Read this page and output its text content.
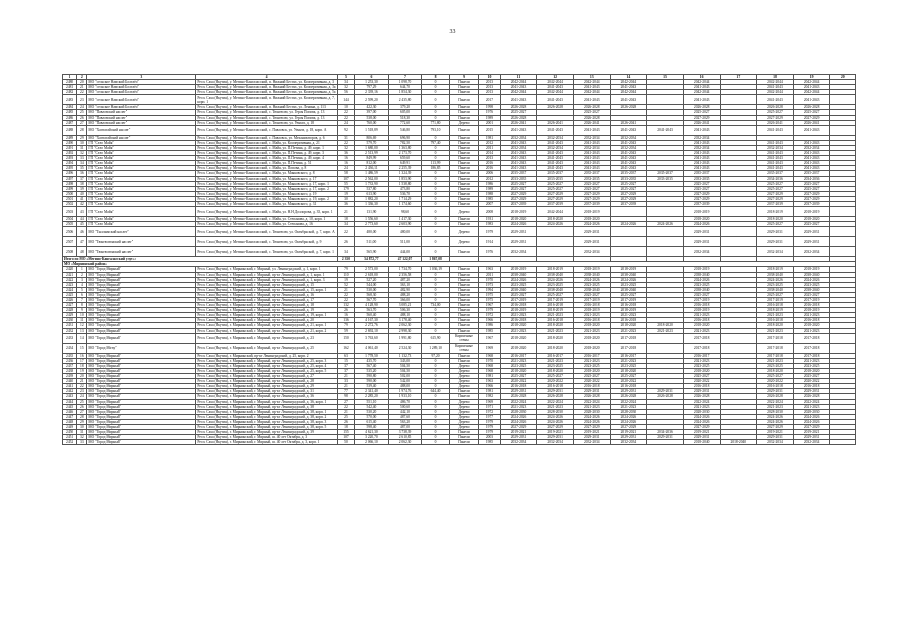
33
1	2	3	4	5	6	7	8	9	10	11	12	13	14	15	16	17	18	19	20
2480	20	МО "сельское Намский Болтаёо"	Респ. Саха (Якутия), у. Мегино-Кангаласский, п. Нижний Бестях, ул. Кооперативная, д. 3	34	1 253,30	1 098,70	0	Панели	2013	2042-2044	2042-2044	2042-2044	2042-2044		2042-2044		2042-2044	2042-2044	
2481	21	МО "сельское Намский Болтаёо"	Респ. Саха (Якутия), у. Мегино-Кангаласский, п. Нижний Бестях, ул. Кооперативная, д. 3а	32	797,29	644,70	0	Панели	2013	2041-2043	2041-2043	2041-2043	2041-2043		2041-2043		2041-2043	2041-2043	
2482	22	МО "сельское Намский Болтаёо"	Респ. Саха (Якутия), у. Мегино-Кангаласский, п. Нижний Бестях, ул. Кооперативная, д. 5а	56	2 339,16	1 854,30	0	Панели	2013	2042-2044	2042-2044	2042-2044	2042-2044		2042-2044		2042-2044	2042-2044	
2483	23	МО "сельское Намский Болтаёо"	Респ. Саха (Якутия), у. Мегино-Кангаласский, п. Нижний Бестях, ул. Кооперативная, д. 7, корп. 1	144	2 599,20	2 435,80	0	Панели	2017	2041-2043	2041-2043	2041-2043	2041-2043		2041-2043		2041-2043	2041-2043	
2484	24	МО "сельское Намский Болтаёо"	Респ. Саха (Якутия), у. Мегино-Кангаласский, п. Нижний Бестях, ул. Ленина, д. 113	10	422,30	379,20	0	Панели	1998	2026-2028	2026-2028	2026-2028	2026-2028		2026-2028		2026-2028	2026-2028	
2485	25	МО "Павловский наслег"	Респ. Саха (Якутия), у. Мегино-Кангаласский, с. Тюнгюлю, ул. Героя Попова, д. 13	22	397,00	605,00	0	Панели	1976	2025-2027		2025-2027			2025-2027		2025-2027	2025-2027	
2486	26	МО "Павловский наслег"	Респ. Саха (Якутия), у. Мегино-Кангаласский, с. Тюнгюлю, ул. Героя Попова, д. 13	22	538,00	518,30	0	Панели	1989	2026-2028		2026-2028			2027-2029		2027-2029	2027-2029	
2487	27	МО "Павловский наслег"	Респ. Саха (Якутия), у. Мегино-Кангаласский, с. Тюнгюлю, ул. Уеньчэ, д. 18	24	760,00	772,60	771,80	Дерево	2001	2026-2041	2026-2041	2026-2041	2026-2041		2026-2041		2026-2041	2026-2041	
2488	28	МО "Хаптагайский наслег"	Респ. Саха (Якутия), у. Мегино-Кангаласский, с. Павловск, ул. Уеньчэ, д. 18, корп. А	92	1 518,89	546,80	793,10	Панели	2015	2041-2043	2041-2043	2041-2043	2041-2043	2041-2043	2041-2043		2041-2043	2041-2043	
2489	29	МО "Хаптагайский наслег"	Респ. Саха (Якутия), у. Мегино-Кангаласский, с. Павловск, ул. Механизаторов, д. 6	31	806,69	696,90	0	Панели	1981	2032-2034	2032-2034	2032-2034	2032-2034		2032-2034				
2490	30	ГП "Село Майя"	Респ. Саха (Якутия), у. Мегино-Кангаласский, с. Майя, ул. Кооперативная, д. 21	22	579,70	782,50	797,40	Панели	2012	2041-2043	2041-2043	2041-2043	2041-2043		2041-2043		2041-2043	2041-2043	
2491	31	ГП "Село Майя"	Респ. Саха (Якутия), у. Мегино-Кангаласский, с. Майя, ул. П.Петина, д. 49, корп. 1	32	1 680,00	1 363,80	0	Панели	2011	2032-2034	2032-2034	2032-2034	2032-2034		2032-2034		2032-2034	2032-2034	
2492	32	ГП "Село Майя"	Респ. Саха (Якутия), у. Мегино-Кангаласский, с. Майя, ул. П.Петина, д. 49, корп. 3	36	2 513,99	2 173,70	0	Панели	2014	2041-2043	2041-2043	2041-2043	2041-2043		2041-2043		2041-2043	2041-2043	
2493	33	ГП "Село Майя"	Респ. Саха (Якутия), у. Мегино-Кангаласский, с. Майя, ул. П.Петина, д. 49, корп. 4	16	849,99	659,60	0	Панели	2013	2041-2043	2041-2043	2041-2043	2041-2043		2041-2043		2041-2043	2041-2043	
2494	34	ГП "Село Майя"	Респ. Саха (Якутия), у. Мегино-Кангаласский, с. Майя, ул. П.Петина, д. 51	16	812,00	649,91	113,99	Панели	2016	2041-2043	2041-2043	2041-2043	2041-2043		2041-2043		2041-2043	2041-2043	
2495	35	ГП "Село Майя"	Респ. Саха (Якутия), у. Мегино-Кангаласский, с. Майя, ул. Попова, д. 8	24	2 436,11	2 255,39	186,85	Панели	2016	2041-2043	2041-2043	2041-2043	2041-2043		2041-2043		2041-2043	2041-2043	
2496	36	ГП "Село Майя"	Респ. Саха (Якутия), у. Мегино-Кангаласский, с. Майя, ул. Маяковского, д. 8	58	1 486,59	1 324,39	0	Панели	2006	2035-2037	2035-2037	2035-2037	2035-2037	2035-2037	2035-2037		2035-2037	2035-2037	
2497	37	ГП "Село Майя"	Респ. Саха (Якутия), у. Мегино-Кангаласский, с. Майя, ул. Маяковского, д. 17	107	2 562,00	1 853,90	0	Панели	2012	2033-2035	2033-2035	2033-2035	2033-2035	2033-2035	2033-2035		2034-2036	2034-2036	
2498	38	ГП "Село Майя"	Респ. Саха (Якутия), у. Мегино-Кангаласский, с. Майя, ул. Маяковского, д. 17, корп. 1	55	1 733,90	1 538,80	0	Панели	1986	2025-2027	2025-2027	2025-2027	2025-2027		2025-2027		2025-2027	2025-2027	
2499	39	ГП "Село Майя"	Респ. Саха (Якутия), у. Мегино-Кангаласский, с. Майя, ул. Маяковского, д. 17, корп. 2	179	537,80	473,80	0	Панели	1989	2025-2027	2025-2027	2025-2027	2025-2027		2025-2027		2025-2027	2025-2027	
2500	40	ГП "Село Майя"	Респ. Саха (Якутия), у. Мегино-Кангаласский, с. Майя, ул. Маяковского, д. 19	19	613,90	536,70	0	Панели	1988	2027-2029	2027-2029	2027-2029	2027-2029		2027-2029		2027-2029	2027-2029	
2501	41	ГП "Село Майя"	Респ. Саха (Якутия), у. Мегино-Кангаласский, с. Майя, ул. Маяковского, д. 19, корп. 2	30	1 882,20	1 714,29	0	Панели	1985	2027-2029	2027-2029	2027-2029	2027-2029		2027-2029		2027-2029	2027-2029	
2502	42	ГП "Село Майя"	Респ. Саха (Якутия), у. Мегино-Кангаласский, с. Майя, ул. Маяковского, д. 31	36	1 336,30	1 174,60	0	Панели	2007	2037-2039	2037-2039	2037-2039	2037-2039		2037-2039		2037-2039	2037-2039	
2503	43	ГП "Село Майя"	Респ. Саха (Якутия), у. Мегино-Кангаласский, с. Майя, ул. Н.Н.Доллорова, д. 35, корп. 1	21	131,90	98,60	0	Дерево	2008	2018-2019	2042-2044	2018-2019			2018-2019		2018-2019	2018-2019	
2504	44	ГП "Село Майя"	Респ. Саха (Якутия), у. Мегино-Кангаласский, с. Майя, ул. Степанова, д. 10, корп. 1	18	1 556,60	1 417,30	0	Панели	1931	2018-2020	2018-2020	2018-2020			2018-2020		2018-2020	2018-2020	
2505	45	ГП "Село Майя"	Респ. Саха (Якутия), у. Мегино-Кангаласский, с. Майя, ул. Степанова, д. 16	34	2 773,60	2 603,90	0	Панели	1983	2024-2026	2024-2026	2024-2026	2024-2026	2024-2026	2024-2026		2025-2027	2025-2027	
2506	46	МО "Тыллымский наслег"	Респ. Саха (Якутия), у. Мегино-Кангаласский, с. Тюнгюлю, ул. Октябрьской, д. 7, корп. А	22	480,00	480,00	0	Дерево	1979	2029-2031		2029-2031			2029-2031		2029-2031	2029-2031	
2507	47	МО "Тюнгюлюнский наслег"	Респ. Саха (Якутия), у. Мегино-Кангаласский, с. Тюнгюлю, ул. Октябрьской, д. 9	26	511,00	511,00	0	Дерево	1914	2029-2031		2029-2031			2029-2031		2029-2031	2029-2031	
2508	48	МО "Тюнгюлюнский наслег"	Респ. Саха (Якутия), у. Мегино-Кангаласский, с. Тюнгюлю, ул. Октябрьской, д. 7, корп. 1	34	565,90	444,00	0	Панели	1976	2032-2034		2032-2034			2032-2034		2032-2034	2032-2034	
Итого по МО «Мегино-Кангаласский улус»:				2 350	54 872,77	47 122,07	1 867,08												
МО «Мирнинский район»																			
2420	1	МО "Город Мирный"	Респ. Саха (Якутия), г. Мирнинский, г. Мирный, ул. Ленинградский, д. 1, корп. 1	79	2 573,00	1 734,70	1 036,19	Панели	1963	2018-2019	2018-2019	2018-2019	2018-2019		2018-2019		2018-2019	2018-2019	
2421	2	МО "Город Мирный"	Респ. Саха (Якутия), г. Мирнинский, г. Мирный, пр-кт Ленинградский, д. 1, корп. 1	110	2 618,00	2 356,58	0	Панели	2011	2038-2040	2038-2040	2038-2040	2038-2040		2038-2040		2038-2040	2038-2040	
2422	3	МО "Город Мирный"	Респ. Саха (Якутия), г. Мирнинский, г. Мирный, пр-кт Ленинградский, д. 1, корп. 3	19	527,20	487,20	0	Панели	1970	2024-2026	2024-2026	2024-2026	2024-2026		2024-2026		2024-2026	2024-2026	
2423	4	МО "Город Мирный"	Респ. Саха (Якутия), г. Мирнинский, г. Мирный, пр-кт Ленинградский, д. 15	52	544,00	363,10	0	Панели	1973	2023-2025	2023-2025	2023-2025	2023-2025		2023-2025		2023-2025	2023-2025	
2424	5	МО "Город Мирный"	Респ. Саха (Якутия), г. Мирнинский, г. Мирный, пр-кт Ленинградский, д. 15, корп. 1	21	530,00	482,90	0	Панели	1994	2038-2040	2038-2040	2038-2040	2038-2040		2038-2040		2038-2040	2038-2040	
2425	6	МО "Город Мирный"	Респ. Саха (Якутия), г. Мирнинский, г. Мирный, пр-кт Ленинградский, д. 16	22	568,30	488,20	0	Панели	1975	2025-2027	2025-2027	2025-2027	2025-2027		2025-2027		2025-2027	2025-2027	
2426	7	МО "Город Мирный"	Респ. Саха (Якутия), г. Мирнинский, г. Мирный, пр-кт Ленинградский, д. 17	22	567,70	366,00	0	Панели	1975	2017-2019	2017-2019	2017-2019	2017-2019		2017-2019		2017-2019	2017-2019	
2427	8	МО "Город Мирный"	Респ. Саха (Якутия), г. Мирнинский, г. Мирный, пр-кт Ленинградский, д. 18	132	4 128,90	3 085,21	734,00	Панели	1967	2016-2018	2016-2018	2016-2018	2016-2018		2016-2018		2016-2018	2016-2018	
2428	9	МО "Город Мирный"	Респ. Саха (Якутия), г. Мирнинский, г. Мирный, пр-кт Ленинградский, д. 19	26	563,70	506,30	0	Панели	1979	2018-2019	2018-2019	2018-2019	2018-2019		2018-2019		2018-2019	2018-2019	
2429	10	МО "Город Мирный"	Респ. Саха (Якутия), г. Мирнинский, г. Мирный, пр-кт Ленинградский, д. 19, корп. 1	16	560,40	488,10	0	Панели	1972	2021-2023	2021-2023	2021-2023	2021-2023		2021-2023		2021-2023	2021-2023	
2430	11	МО "Город Мирный"	Респ. Саха (Якутия), г. Мирнинский, г. Мирный, пр-кт Ленинградский, д. 20	136	4 167,30	3 178,40	0	Панели	1966	2016-2018	2016-2018	2016-2018	2016-2018		2016-2018		2016-2018	2016-2018	
2431	12	МО "Город Мирный"	Респ. Саха (Якутия), г. Мирнинский, г. Мирный, пр-кт Ленинградский, д. 21, корп. 1	79	2 272,76	2 062,30	0	Панели	1986	2018-2020	2018-2020	2018-2020	2018-2020	2018-2020	2018-2020		2018-2020	2018-2020	
2432	13	МО "Город Мирный"	Респ. Саха (Якутия), г. Мирнинский, г. Мирный, пр-кт Ленинградский, д. 21, корп. 2	59	2 692,10	2 998,30	0	Панели	1985	2021-2023	2021-2023	2021-2023	2021-2023	2021-2023	2021-2023		2021-2023	2021-2023	
2433	14	МО "Город Мирный"	Респ. Саха (Якутия), г. Мирнинский, г. Мирный, пр-кт Ленинградский, д. 23	150	3 763,60	1 991,80	615,90	Кирпичные стены	1967	2018-2020	2018-2020	2018-2020	2017-2018		2017-2018		2017-2018	2017-2018	
2434	15	МО "Город Мirny"	Респ. Саха (Якутия), г. Мирнинский, г. Мирный, пр-кт Ленинградский, д. 25	162	4 061,40	2 524,30	1 289,10	Кирпичные стены	1969	2018-2020	2018-2020	2018-2020	2017-2018		2017-2018		2017-2018	2017-2018	
2435	16	МО "Город Мирный"	Респ. Саха (Якутия), г. Мирнинский, пр-кт Ленинградский, д. 25, корп. 2	63	1 778,50	1 132,73	97,20	Панели	1968	2016-2017	2016-2017	2016-2017	2016-2017		2016-2017		2017-2018	2017-2018	
2436	17	МО "Город Мирный"	Респ. Саха (Якутия), г. Мирнинский, г. Мирный, пр-кт Ленинградский, д. 25, корп. 3	15	435,70	343,00	0	Панели	1970	2021-2023	2021-2023	2021-2023	2021-2023		2021-2023		2021-2023	2021-2023	
2437	18	МО "Город Мирный"	Респ. Саха (Якутия), г. Мирнинский, г. Мирный, пр-кт Ленинградский, д. 25, корп. 4	37	567,40	504,50	0	Дерево	1968	2023-2025	2023-2025	2023-2025	2023-2025		2023-2025		2023-2025	2023-2025	
2438	19	МО "Город Мирный"	Респ. Саха (Якутия), г. Мирнинский, г. Мирный, пр-кт Ленинградский, д. 25, корп. 5	37	535,20	504,50	0	Дерево	1968	2018-2020	2018-2020	2018-2020	2018-2020		2018-2020		2018-2020	2018-2020	
2439	20	МО "Город Мирный"	Респ. Саха (Якутия), г. Мирнинский, г. Мирный, пр-кт Ленинградский, д. 27	21	590,80	502,00	0	Дерево	1981	2025-2027	2025-2027	2025-2027	2025-2027		2025-2027		2025-2027	2025-2027	
2440	21	МО "Город Мирный"	Респ. Саха (Якутия), г. Мирнинский, г. Мирный, пр-кт Ленинградский, д. 28	33	590,00	542,00	0	Дерево	1963	2020-2022	2020-2022	2020-2022	2020-2022		2020-2022		2020-2022	2020-2022	
2441	22	МО "Город Мирный"	Респ. Саха (Якутия), г. Мирнинский, г. Мирный, пр-кт Ленинградский, д. 29	21	539,40	488,00	0	Дерево	1966	2016-2018	2016-2018	2016-2018	2016-2018		2016-2018		2016-2018	2016-2018	
2442	23	МО "Город Мирный"	Респ. Саха (Якутия), г. Мирнинский, г. Мирный, пр-кт Ленинградский, д. 31	77	2 341,40	1 974,76	644,40	Панели	1981	2029-2031	2029-2031	2029-2031	2029-2031	2029-2031	2029-2031		2029-2031	2029-2031	
2443	24	МО "Город Мирный"	Респ. Саха (Якутия), г. Мирнинский, г. Мирный, пр-кт Ленинградский, д. 36	98	2 285,20	1 933,10	0	Панели	1982	2026-2028	2026-2028	2026-2028	2026-2028	2026-2028	2026-2028		2026-2028	2026-2028	
2444	25	МО "Город Мирный"	Респ. Саха (Якутия), г. Мирнинский, г. Мирный, пр-кт Ленинградский, д. 36, корп. 1	27	551,10	486,70	0	Дерево	1969	2022-2024	2022-2024	2022-2024	2022-2024		2022-2024		2022-2024	2022-2024	
2445	26	МО "Город Мирный"	Респ. Саха (Якутия), г. Мирнинский, г. Мирный, пр-кт Ленинградский, д. 38	22	542,40	500,60	0	Дерево	1971	2021-2023	2021-2023	2021-2023	2021-2023		2021-2023		2021-2023	2021-2023	
2446	27	МО "Город Мирный"	Респ. Саха (Якутия), г. Мирнинский, г. Мирный, пр-кт Ленинградский, д. 38, корп. 1	21	530,20	442,10	0	Дерево	1972	2028-2030	2028-2030	2028-2030	2028-2030		2028-2030		2028-2030	2028-2030	
2447	28	МО "Город Мирный"	Респ. Саха (Якутия), г. Мирнинский, г. Мирный, пр-кт Ленинградский, д. 38, корп. 2	25	570,00	487,60	0	Дерево	1977	2024-2026	2024-2026	2024-2026	2024-2026		2024-2026		2024-2026	2024-2026	
2448	29	МО "Город Мирный"	Респ. Саха (Якутия), г. Мирнинский, г. Мирный, пр-кт Ленинградский, д. 38, корп. 3	26	615,40	563,20	0	Дерево	1979	2024-2026	2024-2026	2024-2026	2024-2026		2024-2026		2024-2026	2024-2026	
2449	30	МО "Город Мирный"	Респ. Саха (Якутия), г. Мирнинский, г. Мирный, пр-кт Ленинградский, д. 38, корп. 5	18	598,40	487,00	0	Дерево	1979	2027-2029	2027-2029	2027-2029	2027-2029		2027-2029		2027-2029	2027-2029	
2450	31	МО "Город Мирный"	Респ. Саха (Якутия), г. Мирнинский, г. Мирный, пр-кт Ленинградский, д. 39	155	4 621,30	3 738,39	0	Панели	1979	2019-2021	2019-2021	2019-2021	2019-2021	2034-2036	2019-2021		2019-2021	2019-2021	
2451	32	МО "Город Мирный"	Респ. Саха (Якутия), г. Мирнинский, г. Мирный, ш. 40 лет Октября, д. 3	107	3 220,70	2 610,85	0	Панели	2003	2029-2031	2029-2031	2029-2031	2029-2031	2029-2031	2029-2031		2029-2031	2029-2031	
2452	33	МО "Город Мирный"	Респ. Саха (Якутия), г. Мирнинский, г. Мирный, ш. 40 лет Октября, д. 3, корп. 1	50	2 066,10	2 062,30	0	Панели	1985	2032-2034	2032-2034	2032-2034	2032-2034		2018-2040	2018-2040	2032-2034	2032-2034	
